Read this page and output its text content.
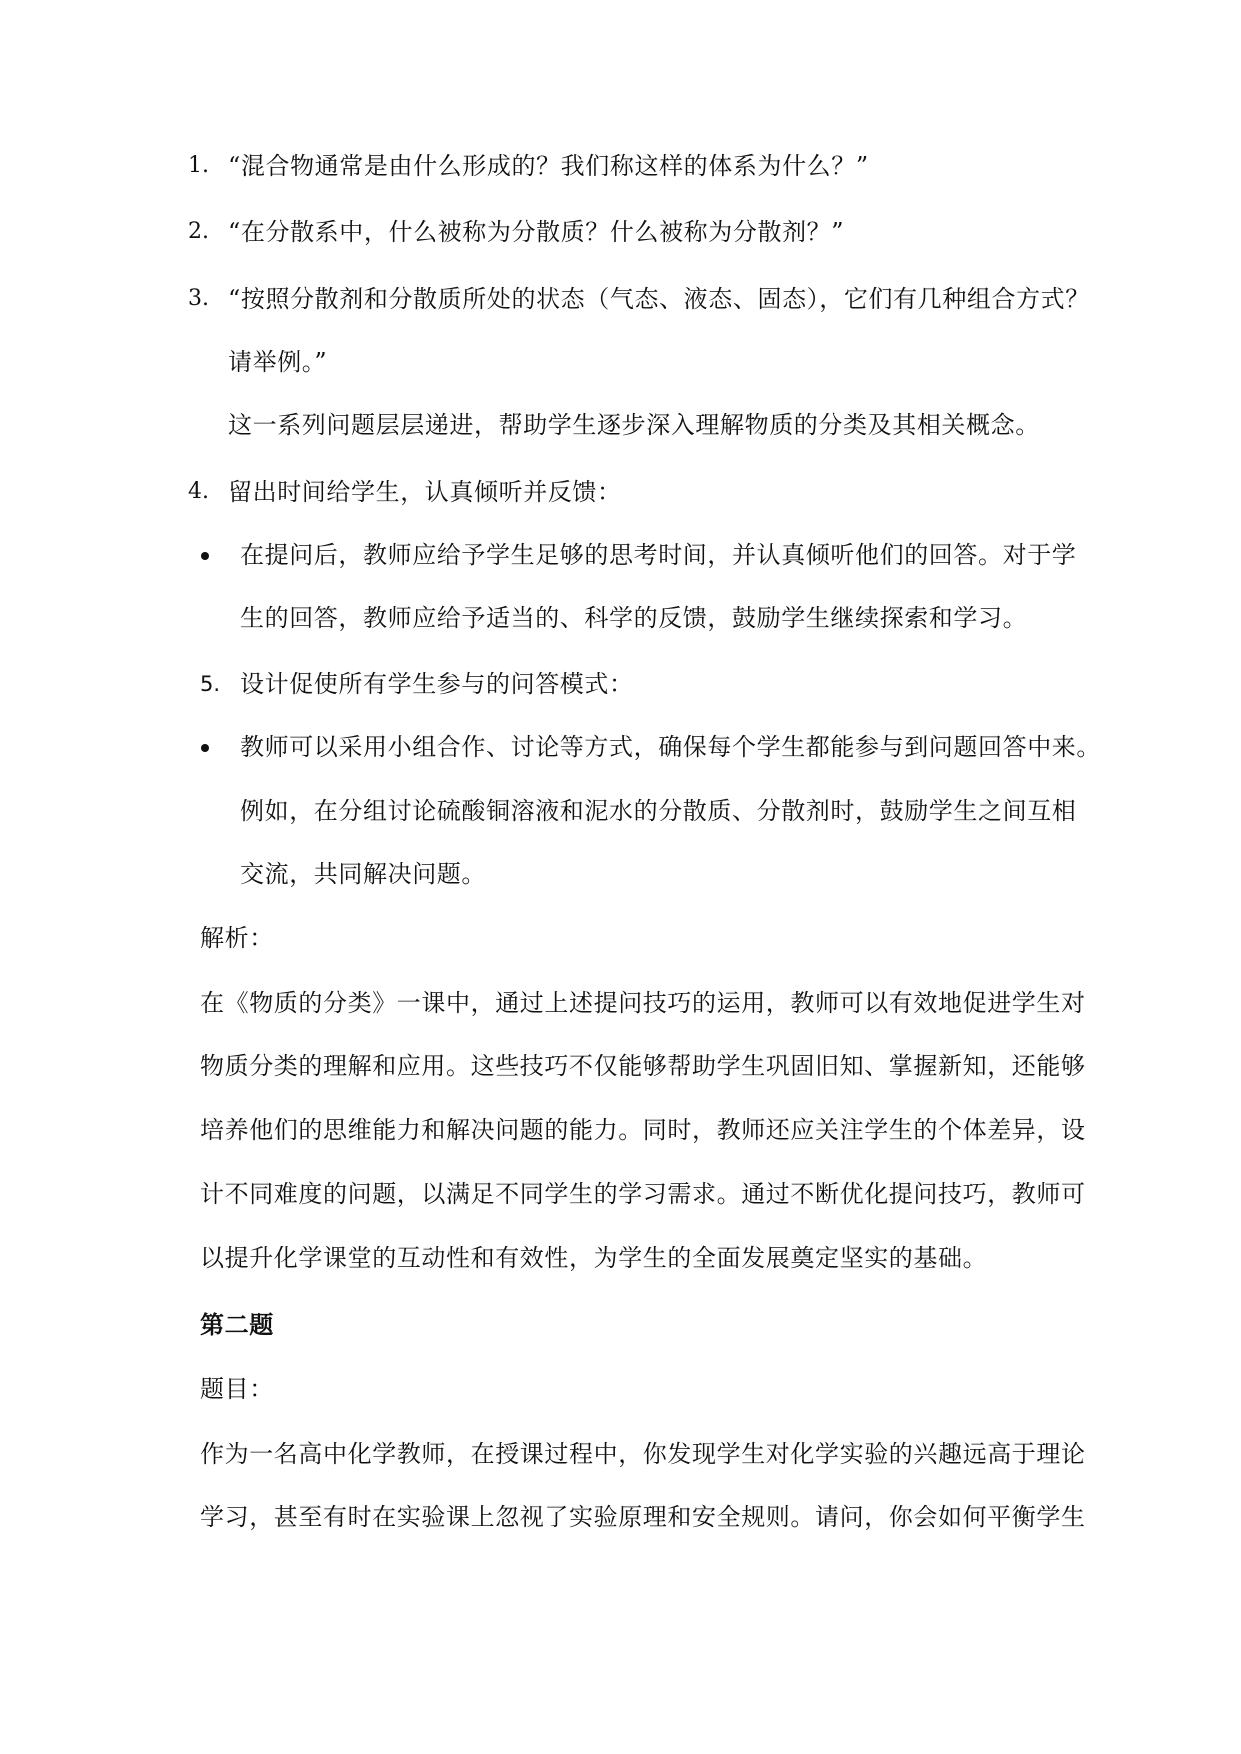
1. “混合物通常是由什么形成的？我们称这样的体系为什么？”
2. “在分散系中，什么被称为分散质？什么被称为分散剂？”
3. “按照分散剂和分散质所处的状态（气态、液态、固态），它们有几种组合方式？
请举例。”
这一系列问题层层递进，帮助学生逐步深入理解物质的分类及其相关概念。
4. 留出时间给学生，认真倾听并反馈：
在提问后，教师应给予学生足够的思考时间，并认真倾听他们的回答。对于学
生的回答，教师应给予适当的、科学的反馈，鼓励学生继续探索和学习。
5. 设计促使所有学生参与的问答模式：
教师可以采用小组合作、讨论等方式，确保每个学生都能参与到问题回答中来。
例如，在分组讨论硫酸铜溶液和泥水的分散质、分散剂时，鼓励学生之间互相
交流，共同解决问题。
解析：
在《物质的分类》一课中，通过上述提问技巧的运用，教师可以有效地促进学生对
物质分类的理解和应用。这些技巧不仅能够帮助学生巩固旧知、掌握新知，还能够
培养他们的思维能力和解决问题的能力。同时，教师还应关注学生的个体差异，设
计不同难度的问题，以满足不同学生的学习需求。通过不断优化提问技巧，教师可
以提升化学课堂的互动性和有效性，为学生的全面发展奠定坚实的基础。
第二题
题目：
作为一名高中化学教师，在授课过程中，你发现学生对化学实验的兴趣远高于理论
学习，甚至有时在实验课上忽视了实验原理和安全规则。请问，你会如何平衡学生
